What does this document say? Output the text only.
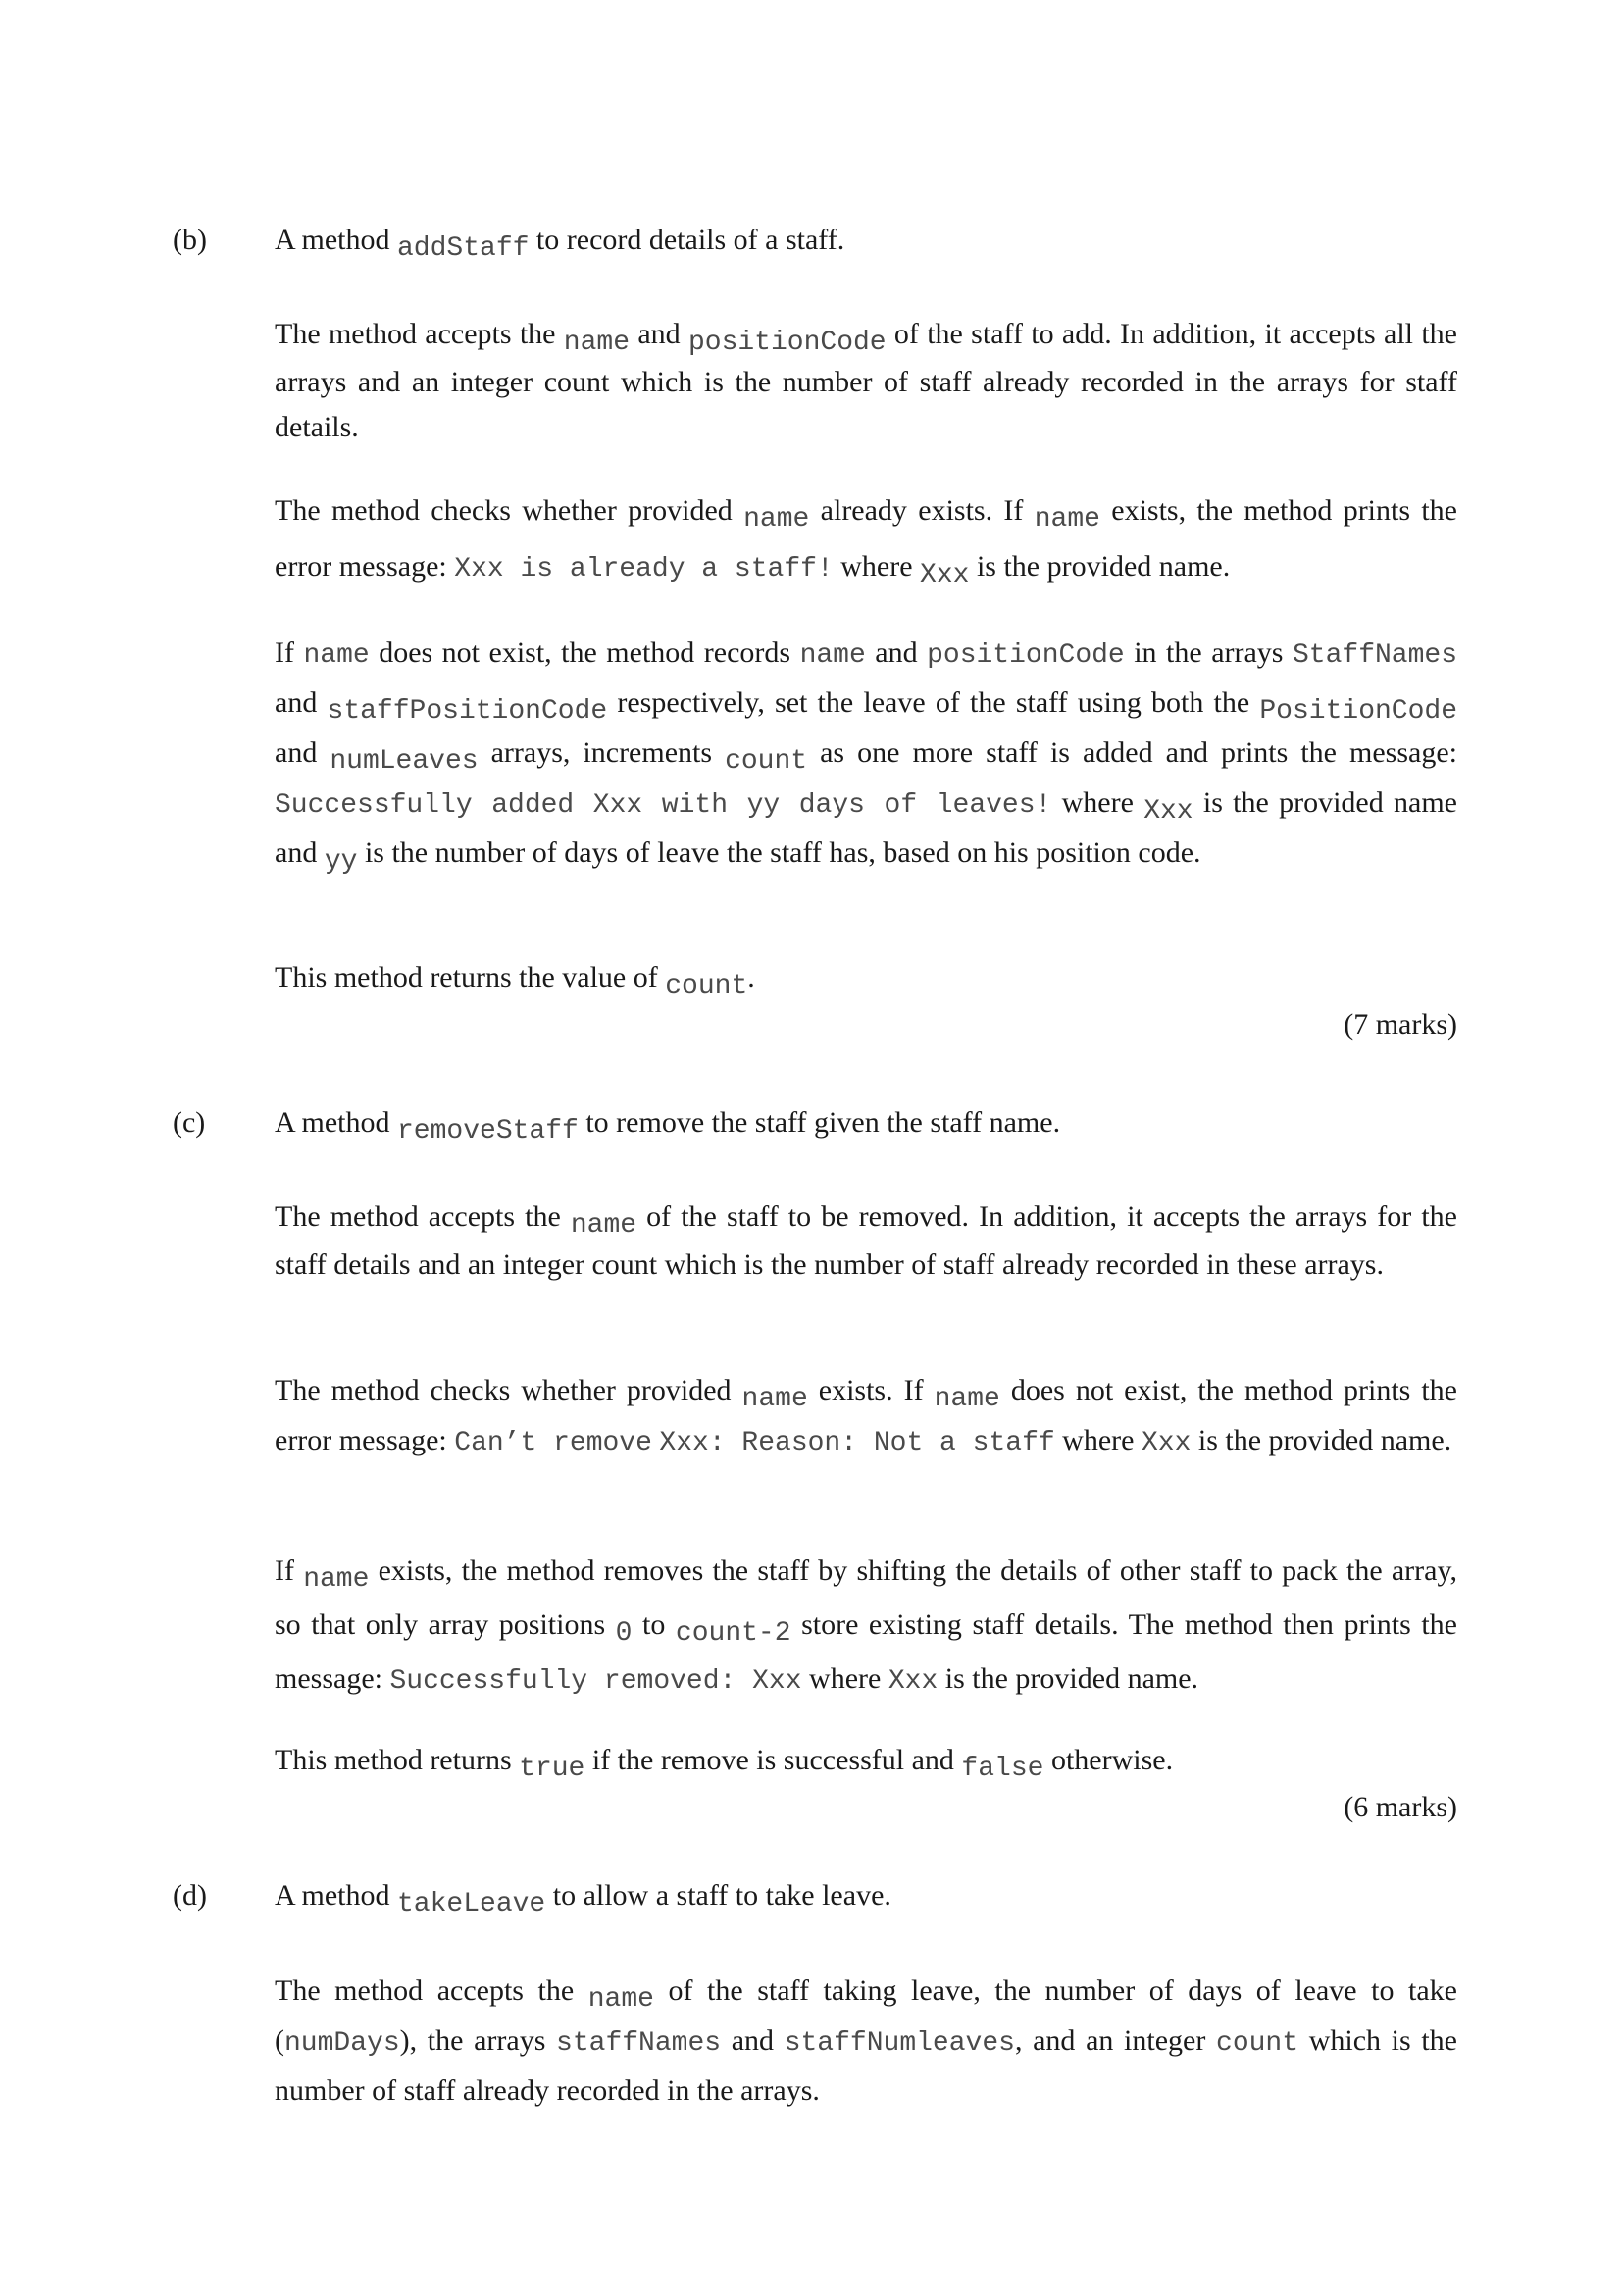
(b) A method addStaff to record details of a staff.

The method accepts the name and positionCode of the staff to add. In addition, it accepts all the arrays and an integer count which is the number of staff already recorded in the arrays for staff details.

The method checks whether provided name already exists. If name exists, the method prints the error message: Xxx is already a staff! where Xxx is the provided name.

If name does not exist, the method records name and positionCode in the arrays StaffNames and staffPositionCode respectively, set the leave of the staff using both the PositionCode and numLeaves arrays, increments count as one more staff is added and prints the message: Successfully added Xxx with yy days of leaves! where Xxx is the provided name and yy is the number of days of leave the staff has, based on his position code.

This method returns the value of count.

(7 marks)
(c) A method removeStaff to remove the staff given the staff name.

The method accepts the name of the staff to be removed. In addition, it accepts the arrays for the staff details and an integer count which is the number of staff already recorded in these arrays.

The method checks whether provided name exists. If name does not exist, the method prints the error message: Can’t remove Xxx: Reason: Not a staff where Xxx is the provided name.

If name exists, the method removes the staff by shifting the details of other staff to pack the array, so that only array positions 0 to count-2 store existing staff details. The method then prints the message: Successfully removed: Xxx where Xxx is the provided name.

This method returns true if the remove is successful and false otherwise.

(6 marks)
(d) A method takeLeave to allow a staff to take leave.

The method accepts the name of the staff taking leave, the number of days of leave to take (numDays), the arrays staffNames and staffNumleaves, and an integer count which is the number of staff already recorded in the arrays.
